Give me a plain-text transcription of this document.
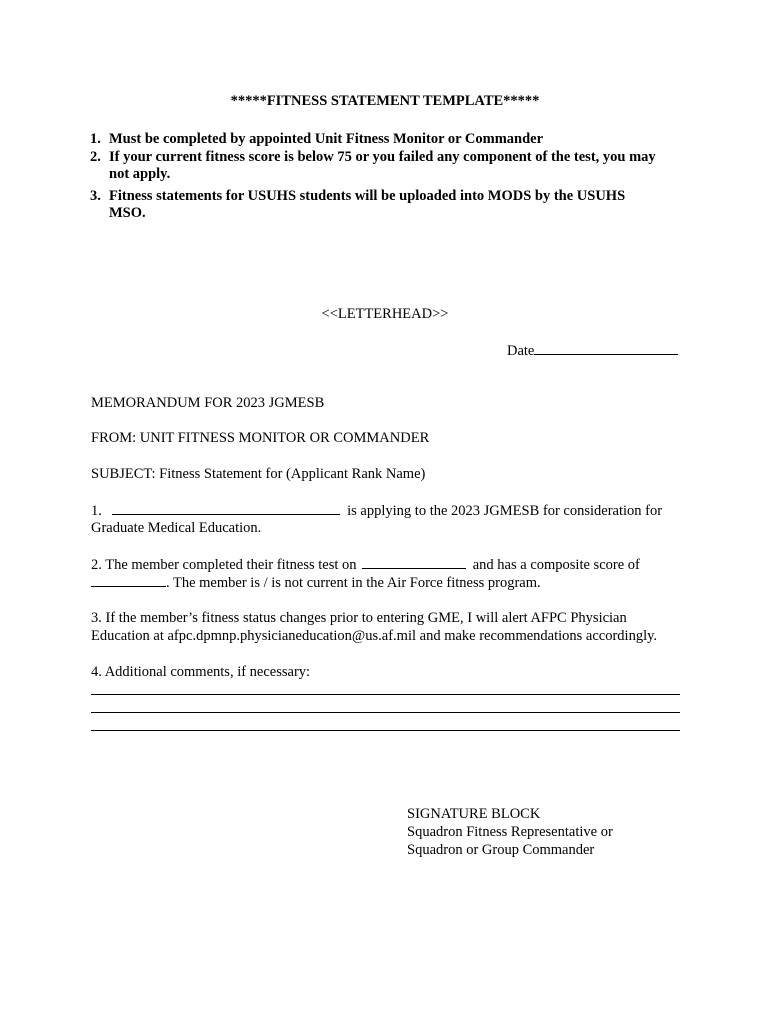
*****FITNESS STATEMENT TEMPLATE*****
1. Must be completed by appointed Unit Fitness Monitor or Commander
2. If your current fitness score is below 75 or you failed any component of the test, you may
not apply.
3. Fitness statements for USUHS students will be uploaded into MODS by the USUHS
MSO.
<<LETTERHEAD>>
Date
MEMORANDUM FOR 2023 JGMESB
FROM: UNIT FITNESS MONITOR OR COMMANDER
SUBJECT: Fitness Statement for (Applicant Rank Name)
1.	is applying to the 2023 JGMESB for consideration for
Graduate Medical Education.
2. The member completed their fitness test on	and has a composite score of
. The member is / is not current in the Air Force fitness program.
3. If the member’s fitness status changes prior to entering GME, I will alert AFPC Physician
Education at afpc.dpmnp.physicianeducation@us.af.mil and make recommendations accordingly.
4. Additional comments, if necessary:
SIGNATURE BLOCK
Squadron Fitness Representative or
Squadron or Group Commander
